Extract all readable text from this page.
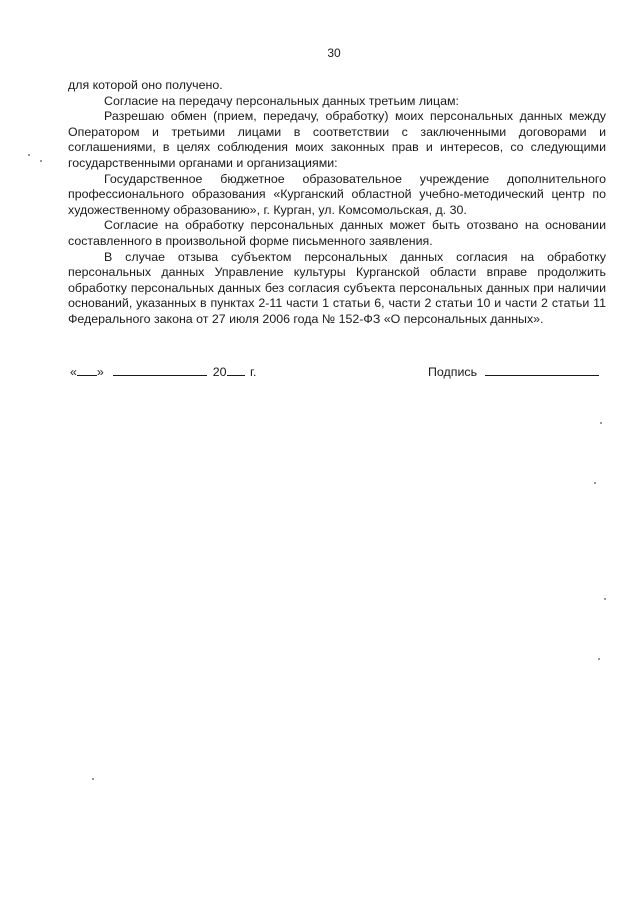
30

для которой оно получено.

Согласие на передачу персональных данных третьим лицам:

Разрешаю обмен (прием, передачу, обработку) моих персональных данных между Оператором и третьими лицами в соответствии с заключенными договорами и соглашениями, в целях соблюдения моих законных прав и интересов, со следующими государственными органами и организациями:

Государственное бюджетное образовательное учреждение дополнительного профессионального образования «Курганский областной учебно-методический центр по художественному образованию», г. Курган, ул. Комсомольская, д. 30.

Согласие на обработку персональных данных может быть отозвано на основании составленного в произвольной форме письменного заявления.

В случае отзыва субъектом персональных данных согласия на обработку персональных данных Управление культуры Курганской области вправе продолжить обработку персональных данных без согласия субъекта персональных данных при наличии оснований, указанных в пунктах 2-11 части 1 статьи 6, части 2 статьи 10 и части 2 статьи 11 Федерального закона от 27 июля 2006 года № 152-ФЗ «О персональных данных».

« »	20 г.	Подпись
